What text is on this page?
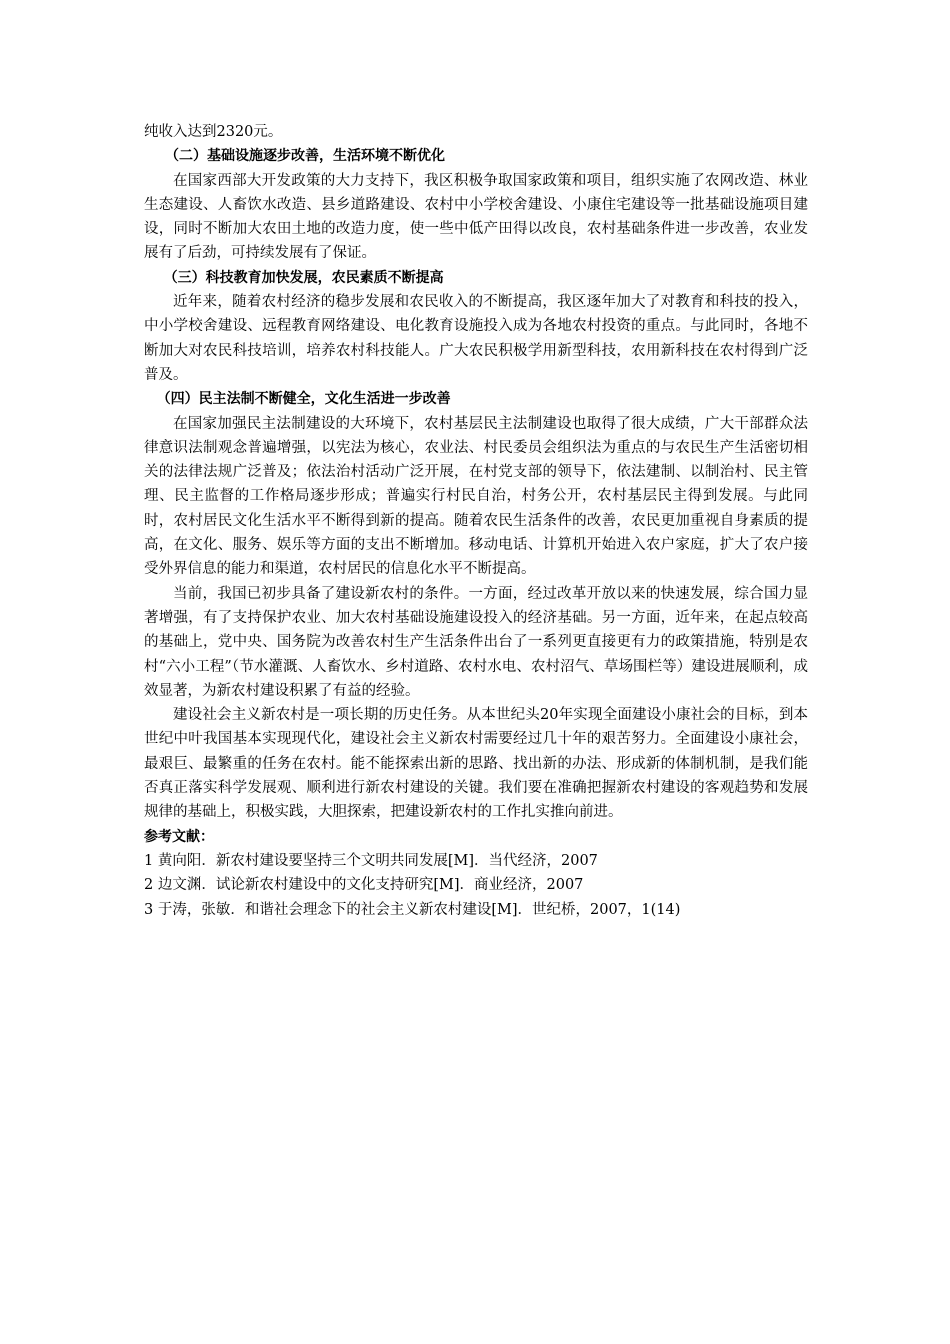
纯收入达到2320元。

（二）基础设施逐步改善，生活环境不断优化

在国家西部大开发政策的大力支持下，我区积极争取国家政策和项目，组织实施了农网改造、林业生态建设、人畜饮水改造、县乡道路建设、农村中小学校舍建设、小康住宅建设等一批基础设施项目建设，同时不断加大农田土地的改造力度，使一些中低产田得以改良，农村基础条件进一步改善，农业发展有了后劲，可持续发展有了保证。

（三）科技教育加快发展，农民素质不断提高

近年来，随着农村经济的稳步发展和农民收入的不断提高，我区逐年加大了对教育和科技的投入，中小学校舍建设、远程教育网络建设、电化教育设施投入成为各地农村投资的重点。与此同时，各地不断加大对农民科技培训，培养农村科技能人。广大农民积极学用新型科技，农用新科技在农村得到广泛普及。

（四）民主法制不断健全，文化生活进一步改善

在国家加强民主法制建设的大环境下，农村基层民主法制建设也取得了很大成绩，广大干部群众法律意识法制观念普遍增强，以宪法为核心，农业法、村民委员会组织法为重点的与农民生产生活密切相关的法律法规广泛普及；依法治村活动广泛开展，在村党支部的领导下，依法建制、以制治村、民主管理、民主监督的工作格局逐步形成；普遍实行村民自治，村务公开，农村基层民主得到发展。与此同时，农村居民文化生活水平不断得到新的提高。随着农民生活条件的改善，农民更加重视自身素质的提高，在文化、服务、娱乐等方面的支出不断增加。移动电话、计算机开始进入农户家庭，扩大了农户接受外界信息的能力和渠道，农村居民的信息化水平不断提高。

当前，我国已初步具备了建设新农村的条件。一方面，经过改革开放以来的快速发展，综合国力显著增强，有了支持保护农业、加大农村基础设施建设投入的经济基础。另一方面，近年来，在起点较高的基础上，党中央、国务院为改善农村生产生活条件出台了一系列更直接更有力的政策措施，特别是农村“六小工程”（节水灌溉、人畜饮水、乡村道路、农村水电、农村沼气、草场围栏等）建设进展顺利，成效显著，为新农村建设积累了有益的经验。

建设社会主义新农村是一项长期的历史任务。从本世纪头20年实现全面建设小康社会的目标，到本世纪中叶我国基本实现现代化，建设社会主义新农村需要经过几十年的艰苦努力。全面建设小康社会，最艰巨、最繁重的任务在农村。能不能探索出新的思路、找出新的办法、形成新的体制机制，是我们能否真正落实科学发展观、顺利进行新农村建设的关键。我们要在准确把握新农村建设的客观趋势和发展规律的基础上，积极实践，大胆探索，把建设新农村的工作扎实推向前进。

参考文献：

1 黄向阳．新农村建设要坚持三个文明共同发展[M]．当代经济，2007

2 边文渊．试论新农村建设中的文化支持研究[M]．商业经济，2007

3 于涛，张敏．和谐社会理念下的社会主义新农村建设[M]．世纪桥，2007，1(14)
